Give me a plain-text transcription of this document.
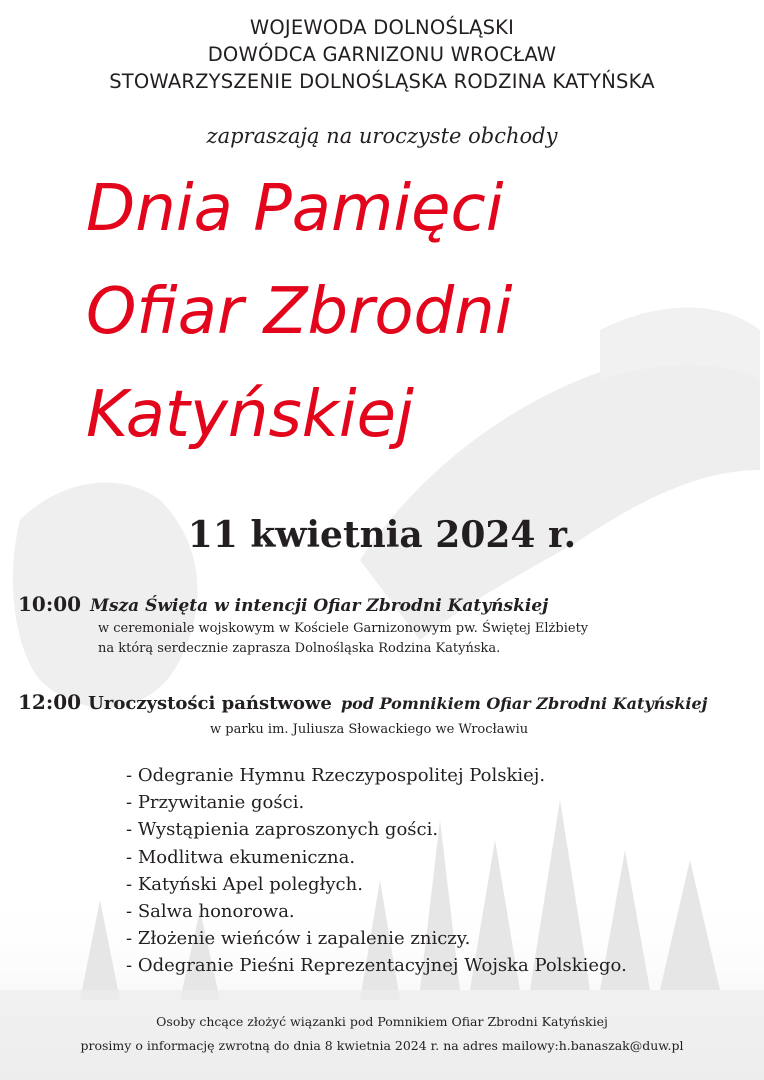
WOJEWODA DOLNOŚLĄSKI
DOWÓDCA GARNIZONU WROCŁAW
STOWARZYSZENIE DOLNOŚLĄSKA RODZINA KATYŃSKA
zapraszają na uroczyste obchody
Dnia Pamięci
Ofiar Zbrodni
Katyńskiej
11 kwietnia 2024 r.
10:00 Msza Święta w intencji Ofiar Zbrodni Katyńskiej
w ceremoniale wojskowym w Kościele Garnizonowym pw. Świętej Elżbiety
na którą serdecznie zaprasza Dolnośląska Rodzina Katyńska.
12:00 Uroczystości państwowe pod Pomnikiem Ofiar Zbrodni Katyńskiej
w parku im. Juliusza Słowackiego we Wrocławiu
- Odegranie Hymnu Rzeczypospolitej Polskiej.
- Przywitanie gości.
- Wystąpienia zaproszonych gości.
- Modlitwa ekumeniczna.
- Katyński Apel poległych.
- Salwa honorowa.
- Złożenie wieńców i zapalenie zniczy.
- Odegranie Pieśni Reprezentacyjnej Wojska Polskiego.
Osoby chcące złożyć wiązanki pod Pomnikiem Ofiar Zbrodni Katyńskiej
prosimy o informację zwrotną do dnia 8 kwietnia 2024 r. na adres mailowy:h.banaszak@duw.pl
